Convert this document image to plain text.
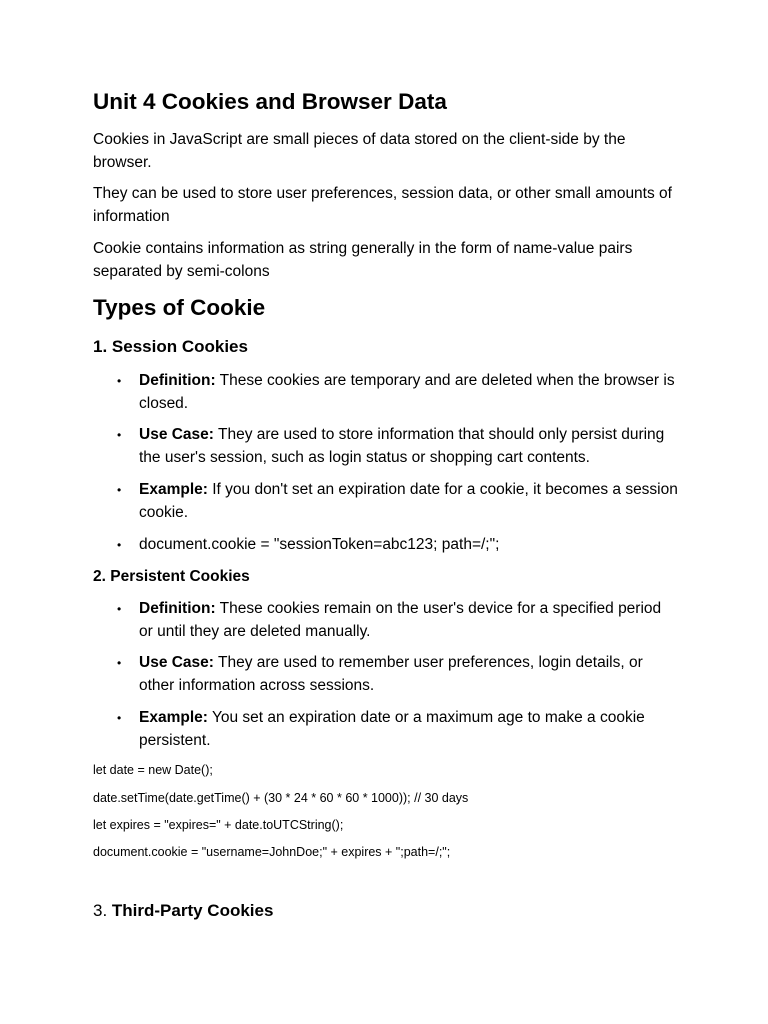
Unit 4 Cookies and Browser Data

Cookies in JavaScript are small pieces of data stored on the client-side by the browser.

They can be used to store user preferences, session data, or other small amounts of information

Cookie contains information as string generally in the form of name-value pairs separated by semi-colons

Types of Cookie

1. Session Cookies

• Definition: These cookies are temporary and are deleted when the browser is closed.
• Use Case: They are used to store information that should only persist during the user's session, such as login status or shopping cart contents.
• Example: If you don't set an expiration date for a cookie, it becomes a session cookie.
• document.cookie = "sessionToken=abc123; path=/;";

2. Persistent Cookies

• Definition: These cookies remain on the user's device for a specified period or until they are deleted manually.
• Use Case: They are used to remember user preferences, login details, or other information across sessions.
• Example: You set an expiration date or a maximum age to make a cookie persistent.

let date = new Date();

date.setTime(date.getTime() + (30 * 24 * 60 * 60 * 1000)); // 30 days

let expires = "expires=" + date.toUTCString();

document.cookie = "username=JohnDoe;" + expires + ";path=/;";

3. Third-Party Cookies
